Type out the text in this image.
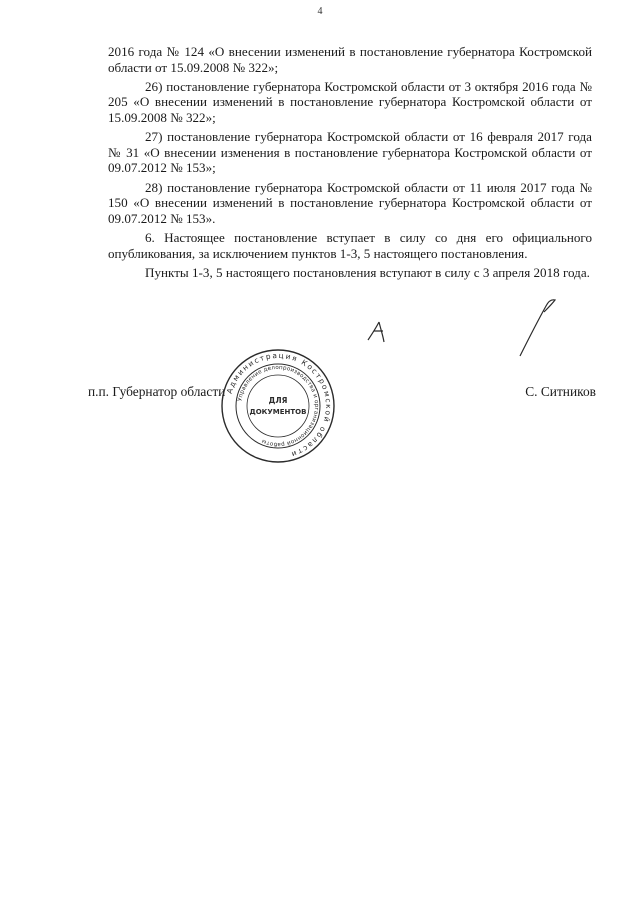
4

2016 года № 124 «О внесении изменений в постановление губернатора Костромской области от 15.09.2008 № 322»;

26) постановление губернатора Костромской области от 3 октября 2016 года № 205 «О внесении изменений в постановление губернатора Костромской области от 15.09.2008 № 322»;

27) постановление губернатора Костромской области от 16 февраля 2017 года № 31 «О внесении изменения в постановление губернатора Костромской области от 09.07.2012 № 153»;

28) постановление губернатора Костромской области от 11 июля 2017 года № 150 «О внесении изменений в постановление губернатора Костромской области от 09.07.2012 № 153».

6. Настоящее постановление вступает в силу со дня его официального опубликования, за исключением пунктов 1-3, 5 настоящего постановления.

Пункты 1-3, 5 настоящего постановления вступают в силу с 3 апреля 2018 года.

п.п. Губернатор области	С. Ситников
Администрация Костромской области
Управление делопроизводства и организационной работы
ДЛЯ
ДОКУМЕНТОВ
